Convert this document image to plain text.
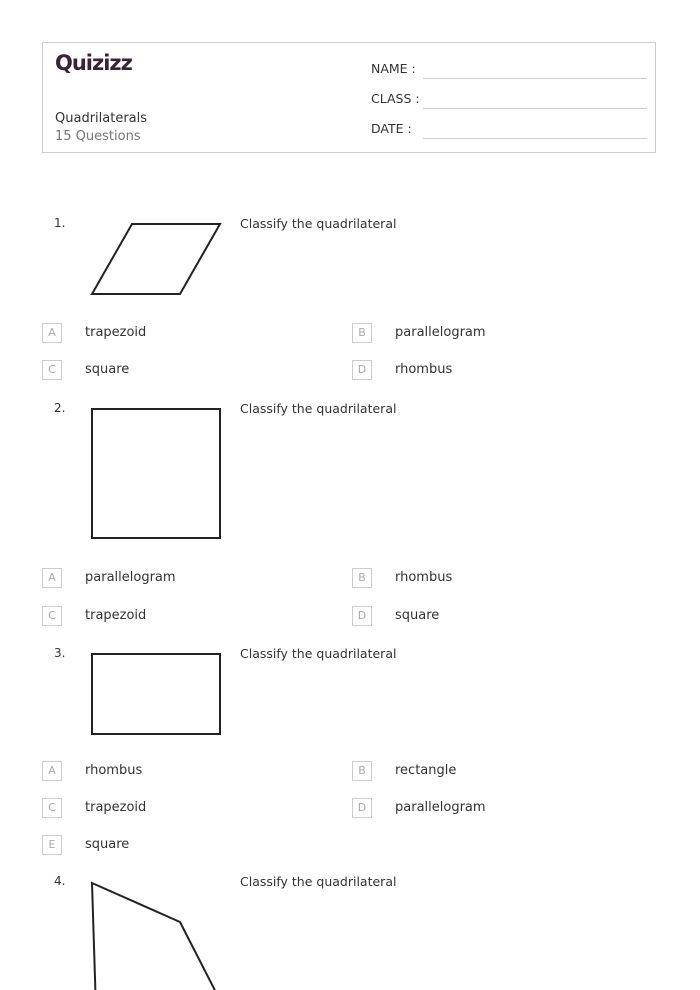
Quizizz
Quadrilaterals
15 Questions
NAME :
CLASS :
DATE :
1.	Classify the quadrilateral
A	trapezoid	B	parallelogram
C	square	D	rhombus
2.	Classify the quadrilateral
A	parallelogram	B	rhombus
C	trapezoid	D	square
3.	Classify the quadrilateral
A	rhombus	B	rectangle
C	trapezoid	D	parallelogram
E	square
4.	Classify the quadrilateral
